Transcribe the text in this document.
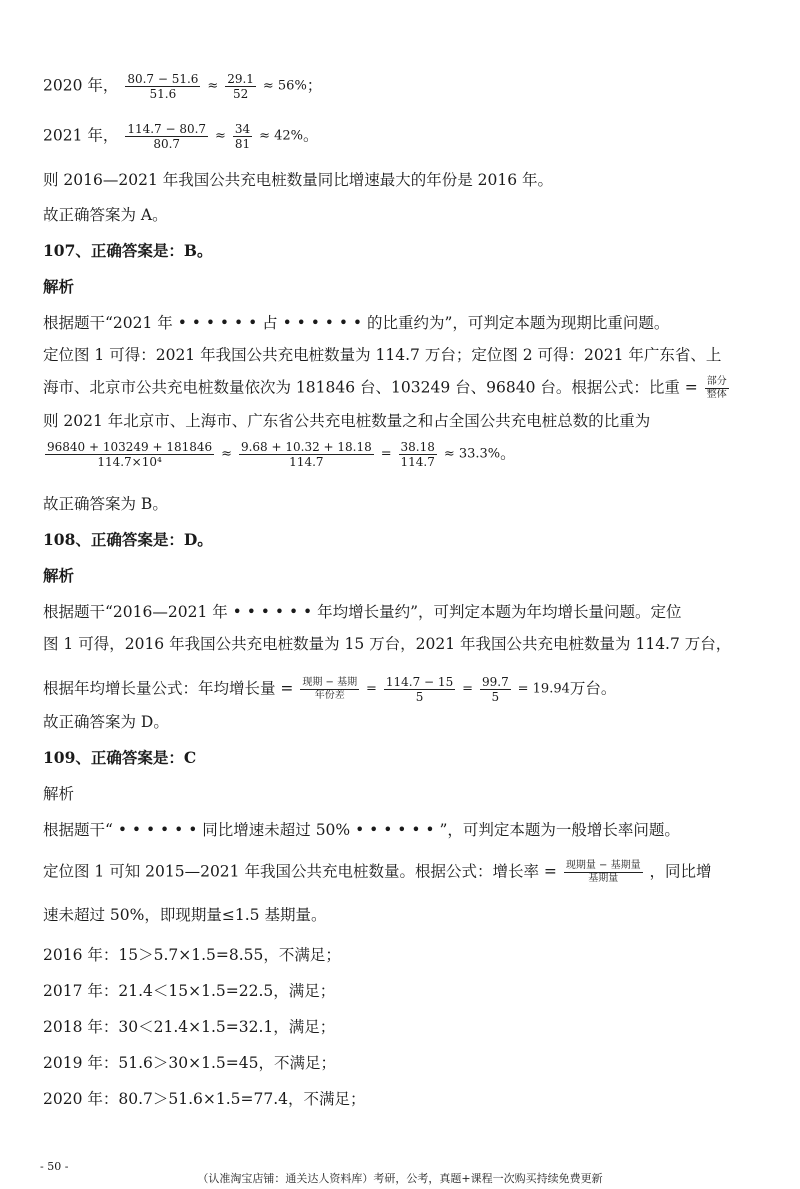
2020 年， $\frac{80.7 - 51.6}{51.6} \approx \frac{29.1}{52} \approx 56\%$；
2021 年， $\frac{114.7 - 80.7}{80.7} \approx \frac{34}{81} \approx 42\%$。
则 2016—2021 年我国公共充电桩数量同比增速最大的年份是 2016 年。
故正确答案为 A。
107、正确答案是：B。
解析
根据题干“2021 年 • • • • • • 占 • • • • • • 的比重约为”，可判定本题为现期比重问题。
定位图 1 可得：2021 年我国公共充电桩数量为 114.7 万台；定位图 2 可得：2021 年广东省、上
海市、北京市公共充电桩数量依次为 181846 台、103249 台、96840 台。根据公式：比重 = $\frac{\text{部分}}{\text{整体}}$
则 2021 年北京市、上海市、广东省公共充电桩数量之和占全国公共充电桩总数的比重为
$\frac{96840 + 103249 + 181846}{\text{114.7×10⁴}} \approx \frac{9.68 + 10.32 + 18.18}{114.7} = \frac{38.18}{114.7} \approx 33.3\%$。
故正确答案为 B。
108、正确答案是：D。
解析
根据题干“2016—2021 年 • • • • • • 年均增长量约”，可判定本题为年均增长量问题。定位
图 1 可得，2016 年我国公共充电桩数量为 15 万台，2021 年我国公共充电桩数量为 114.7 万台，
根据年均增长量公式：年均增长量 = $\frac{\text{现期 − 基期}}{\text{年份差}} = \frac{114.7 - 15}{5} = \frac{99.7}{5} = 19.94$万台。
故正确答案为 D。
109、正确答案是：C
解析
根据题干“ • • • • • • 同比增速未超过 50% • • • • • • ”，可判定本题为一般增长率问题。
定位图 1 可知 2015—2021 年我国公共充电桩数量。根据公式：增长率 = $\frac{\text{现期量 − 基期量}}{\text{基期量}}$ ，同比增
速未超过 50%，即现期量≤1.5 基期量。
2016 年：15＞5.7×1.5=8.55，不满足；
2017 年：21.4＜15×1.5=22.5，满足；
2018 年：30＜21.4×1.5=32.1，满足；
2019 年：51.6＞30×1.5=45，不满足；
2020 年：80.7＞51.6×1.5=77.4，不满足；
- 50 -
（认准淘宝店铺：通关达人资料库）考研，公考，真题+课程一次购买持续免费更新
